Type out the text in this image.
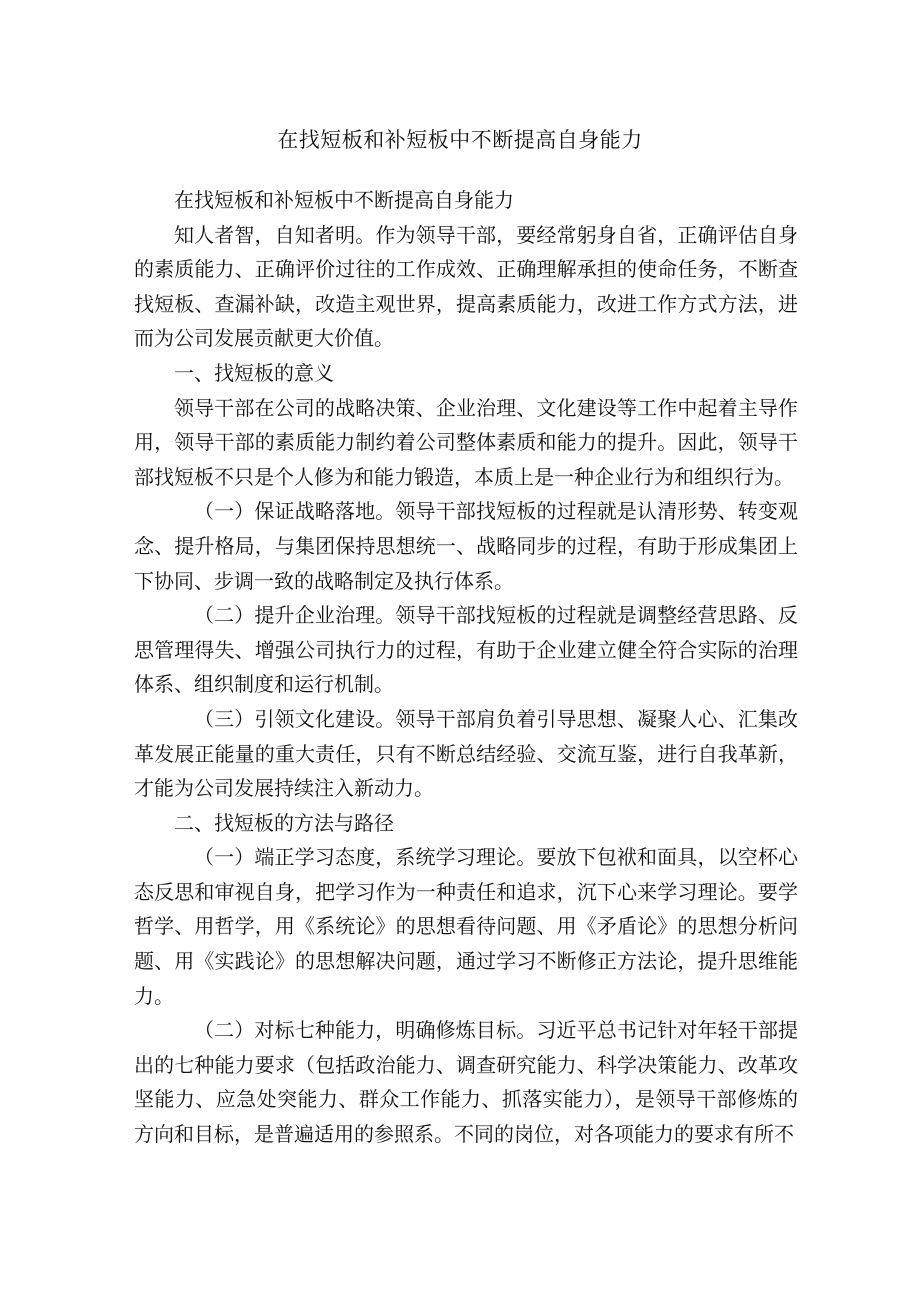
在找短板和补短板中不断提高自身能力

在找短板和补短板中不断提高自身能力

知人者智，自知者明。作为领导干部，要经常躬身自省，正确评估自身的素质能力、正确评价过往的工作成效、正确理解承担的使命任务，不断查找短板、查漏补缺，改造主观世界，提高素质能力，改进工作方式方法，进而为公司发展贡献更大价值。

一、找短板的意义

领导干部在公司的战略决策、企业治理、文化建设等工作中起着主导作用，领导干部的素质能力制约着公司整体素质和能力的提升。因此，领导干部找短板不只是个人修为和能力锻造，本质上是一种企业行为和组织行为。

（一）保证战略落地。领导干部找短板的过程就是认清形势、转变观念、提升格局，与集团保持思想统一、战略同步的过程，有助于形成集团上下协同、步调一致的战略制定及执行体系。

（二）提升企业治理。领导干部找短板的过程就是调整经营思路、反思管理得失、增强公司执行力的过程，有助于企业建立健全符合实际的治理体系、组织制度和运行机制。

（三）引领文化建设。领导干部肩负着引导思想、凝聚人心、汇集改革发展正能量的重大责任，只有不断总结经验、交流互鉴，进行自我革新，才能为公司发展持续注入新动力。

二、找短板的方法与路径

（一）端正学习态度，系统学习理论。要放下包袱和面具，以空杯心态反思和审视自身，把学习作为一种责任和追求，沉下心来学习理论。要学哲学、用哲学，用《系统论》的思想看待问题、用《矛盾论》的思想分析问题、用《实践论》的思想解决问题，通过学习不断修正方法论，提升思维能力。

（二）对标七种能力，明确修炼目标。习近平总书记针对年轻干部提出的七种能力要求（包括政治能力、调查研究能力、科学决策能力、改革攻坚能力、应急处突能力、群众工作能力、抓落实能力），是领导干部修炼的方向和目标，是普遍适用的参照系。不同的岗位，对各项能力的要求有所不
